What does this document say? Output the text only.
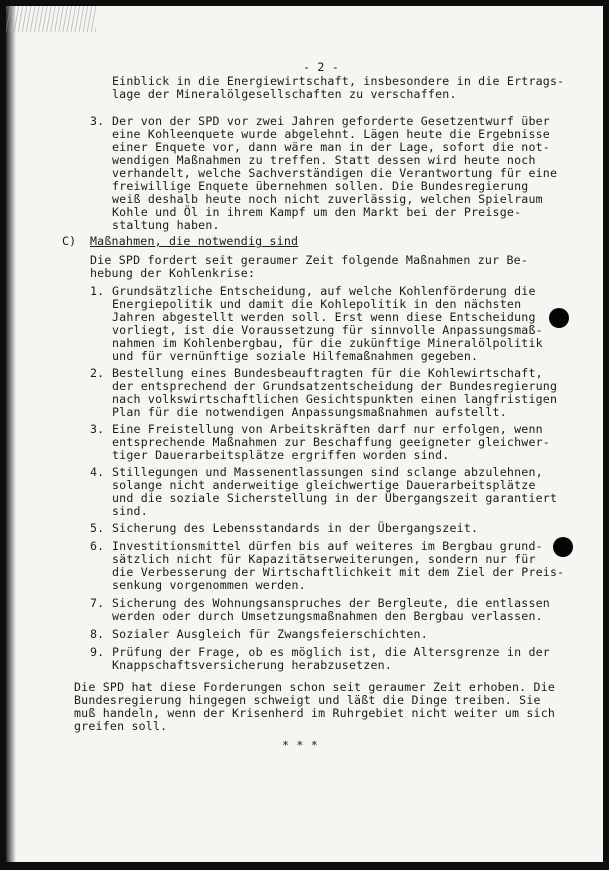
- 2 -
Einblick in die Energiewirtschaft, insbesondere in die Ertrags-
lage der Mineralölgesellschaften zu verschaffen.
3. Der von der SPD vor zwei Jahren geforderte Gesetzentwurf über
eine Kohleenquete wurde abgelehnt. Lägen heute die Ergebnisse
einer Enquete vor, dann wäre man in der Lage, sofort die not-
wendigen Maßnahmen zu treffen. Statt dessen wird heute noch
verhandelt, welche Sachverständigen die Verantwortung für eine
freiwillige Enquete übernehmen sollen. Die Bundesregierung
weiß deshalb heute noch nicht zuverlässig, welchen Spielraum
Kohle und Öl in ihrem Kampf um den Markt bei der Preisge-
staltung haben.
C) Maßnahmen, die notwendig sind
Die SPD fordert seit geraumer Zeit folgende Maßnahmen zur Be-
hebung der Kohlenkrise:
1. Grundsätzliche Entscheidung, auf welche Kohlenförderung die
Energiepolitik und damit die Kohlepolitik in den nächsten
Jahren abgestellt werden soll. Erst wenn diese Entscheidung
vorliegt, ist die Voraussetzung für sinnvolle Anpassungsmaß-
nahmen im Kohlenbergbau, für die zukünftige Mineralölpolitik
und für vernünftige soziale Hilfemaßnahmen gegeben.
2. Bestellung eines Bundesbeauftragten für die Kohlewirtschaft,
der entsprechend der Grundsatzentscheidung der Bundesregierung
nach volkswirtschaftlichen Gesichtspunkten einen langfristigen
Plan für die notwendigen Anpassungsmaßnahmen aufstellt.
3. Eine Freistellung von Arbeitskräften darf nur erfolgen, wenn
entsprechende Maßnahmen zur Beschaffung geeigneter gleichwer-
tiger Dauerarbeitsplätze ergriffen worden sind.
4. Stillegungen und Massenentlassungen sind sclange abzulehnen,
solange nicht anderweitige gleichwertige Dauerarbeitsplätze
und die soziale Sicherstellung in der Übergangszeit garantiert
sind.
5. Sicherung des Lebensstandards in der Übergangszeit.
6. Investitionsmittel dürfen bis auf weiteres im Bergbau grund-
sätzlich nicht für Kapazitätserweiterungen, sondern nur für
die Verbesserung der Wirtschaftlichkeit mit dem Ziel der Preis-
senkung vorgenommen werden.
7. Sicherung des Wohnungsanspruches der Bergleute, die entlassen
werden oder durch Umsetzungsmaßnahmen den Bergbau verlassen.
8. Sozialer Ausgleich für Zwangsfeierschichten.
9. Prüfung der Frage, ob es möglich ist, die Altersgrenze in der
Knappschaftsversicherung herabzusetzen.
Die SPD hat diese Forderungen schon seit geraumer Zeit erhoben. Die
Bundesregierung hingegen schweigt und läßt die Dinge treiben. Sie
muß handeln, wenn der Krisenherd im Ruhrgebiet nicht weiter um sich
greifen soll.
* * *
